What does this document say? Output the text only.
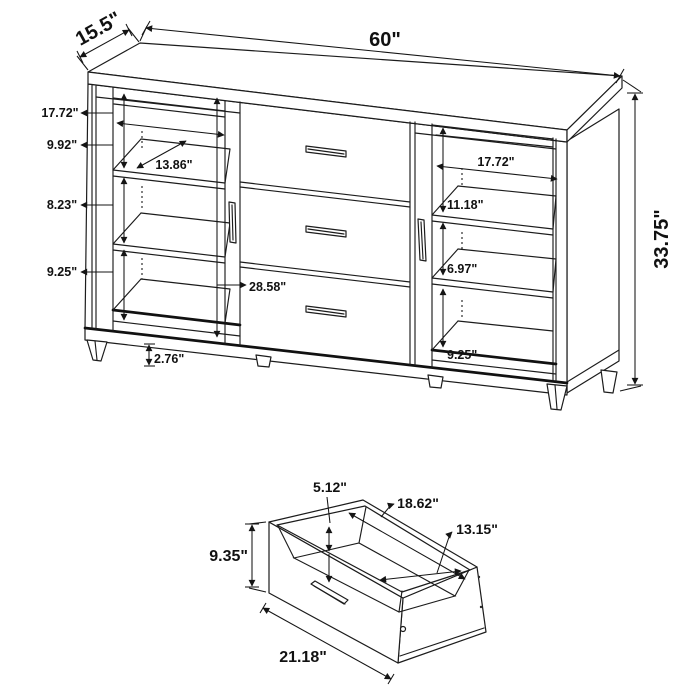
60"
15.5"
33.75"
17.72"
9.92"
13.86"
8.23"
9.25"
28.58"
2.76"
17.72"
11.18"
6.97"
9.25"
9.35"
5.12"
18.62"
13.15"
21.18"
